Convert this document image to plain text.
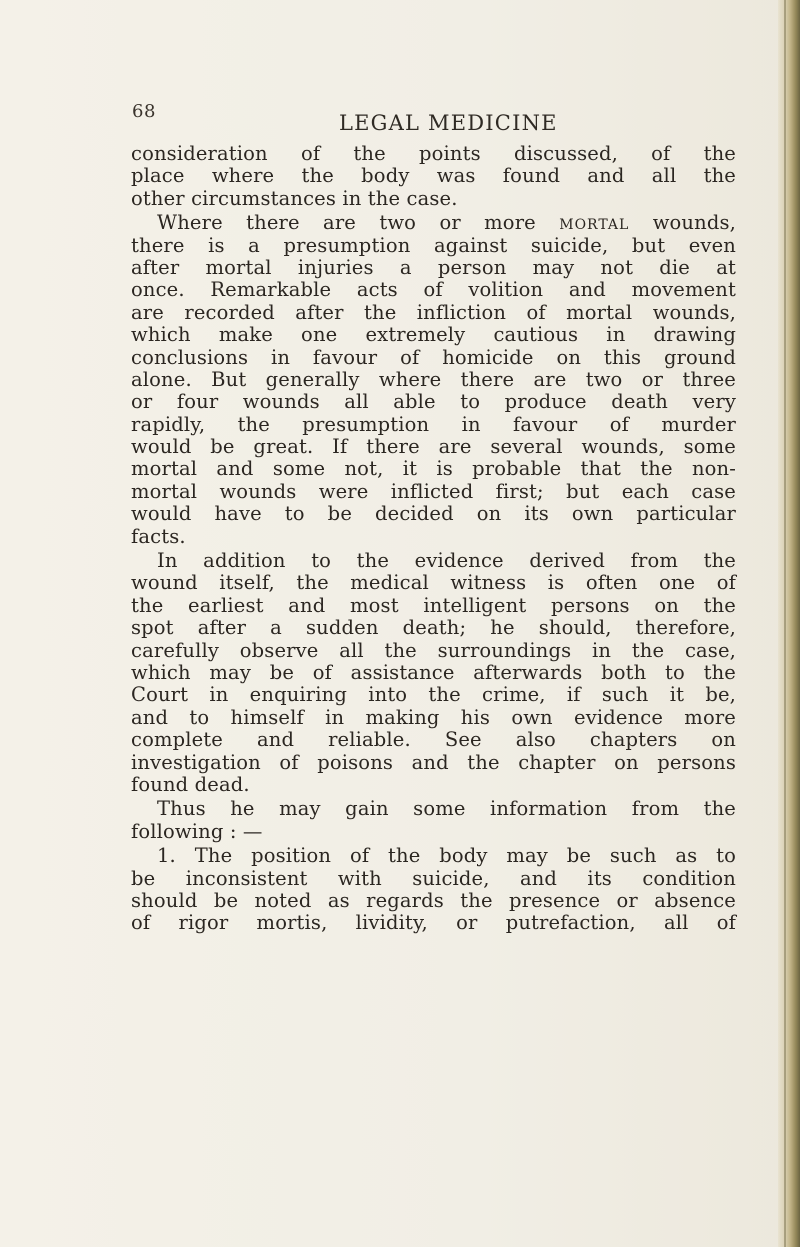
68	LEGAL MEDICINE
consideration of the points discussed, of the
place where the body was found and all the
other circumstances in the case.
Where there are two or more mortal wounds,
there is a presumption against suicide, but even
after mortal injuries a person may not die at
once. Remarkable acts of volition and movement
are recorded after the infliction of mortal wounds,
which make one extremely cautious in drawing
conclusions in favour of homicide on this ground
alone. But generally where there are two or three
or four wounds all able to produce death very
rapidly, the presumption in favour of murder
would be great. If there are several wounds, some
mortal and some not, it is probable that the non-
mortal wounds were inflicted first; but each case
would have to be decided on its own particular
facts.
In addition to the evidence derived from the
wound itself, the medical witness is often one of
the earliest and most intelligent persons on the
spot after a sudden death; he should, therefore,
carefully observe all the surroundings in the case,
which may be of assistance afterwards both to the
Court in enquiring into the crime, if such it be,
and to himself in making his own evidence more
complete and reliable. See also chapters on
investigation of poisons and the chapter on persons
found dead.
Thus he may gain some information from the
following : —
1. The position of the body may be such as to
be inconsistent with suicide, and its condition
should be noted as regards the presence or absence
of rigor mortis, lividity, or putrefaction, all of
